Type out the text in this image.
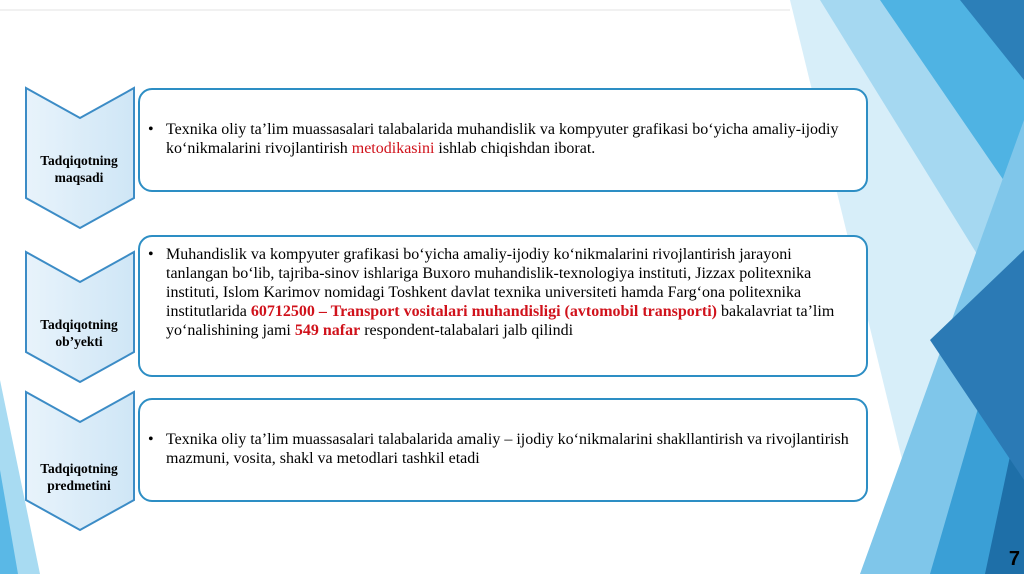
Tadqiqotning
maqsadi
Tadqiqotning
ob’yekti
Tadqiqotning
predmetini
• Texnika oliy ta’lim muassasalari talabalarida muhandislik va kompyuter grafikasi bo‘yicha amaliy-ijodiy ko‘nikmalarini rivojlantirish metodikasini ishlab chiqishdan iborat.
• Muhandislik va kompyuter grafikasi bo‘yicha amaliy-ijodiy ko‘nikmalarini rivojlantirish jarayoni tanlangan bo‘lib, tajriba-sinov ishlariga Buxoro muhandislik-texnologiya instituti, Jizzax politexnika instituti, Islom Karimov nomidagi Toshkent davlat texnika universiteti hamda Farg‘ona politexnika institutlarida 60712500 – Transport vositalari muhandisligi (avtomobil transporti) bakalavriat ta’lim yo‘nalishining jami 549 nafar respondent-talabalari jalb qilindi
• Texnika oliy ta’lim muassasalari talabalarida amaliy – ijodiy ko‘nikmalarini shakllantirish va rivojlantirish mazmuni, vosita, shakl va metodlari tashkil etadi
7
